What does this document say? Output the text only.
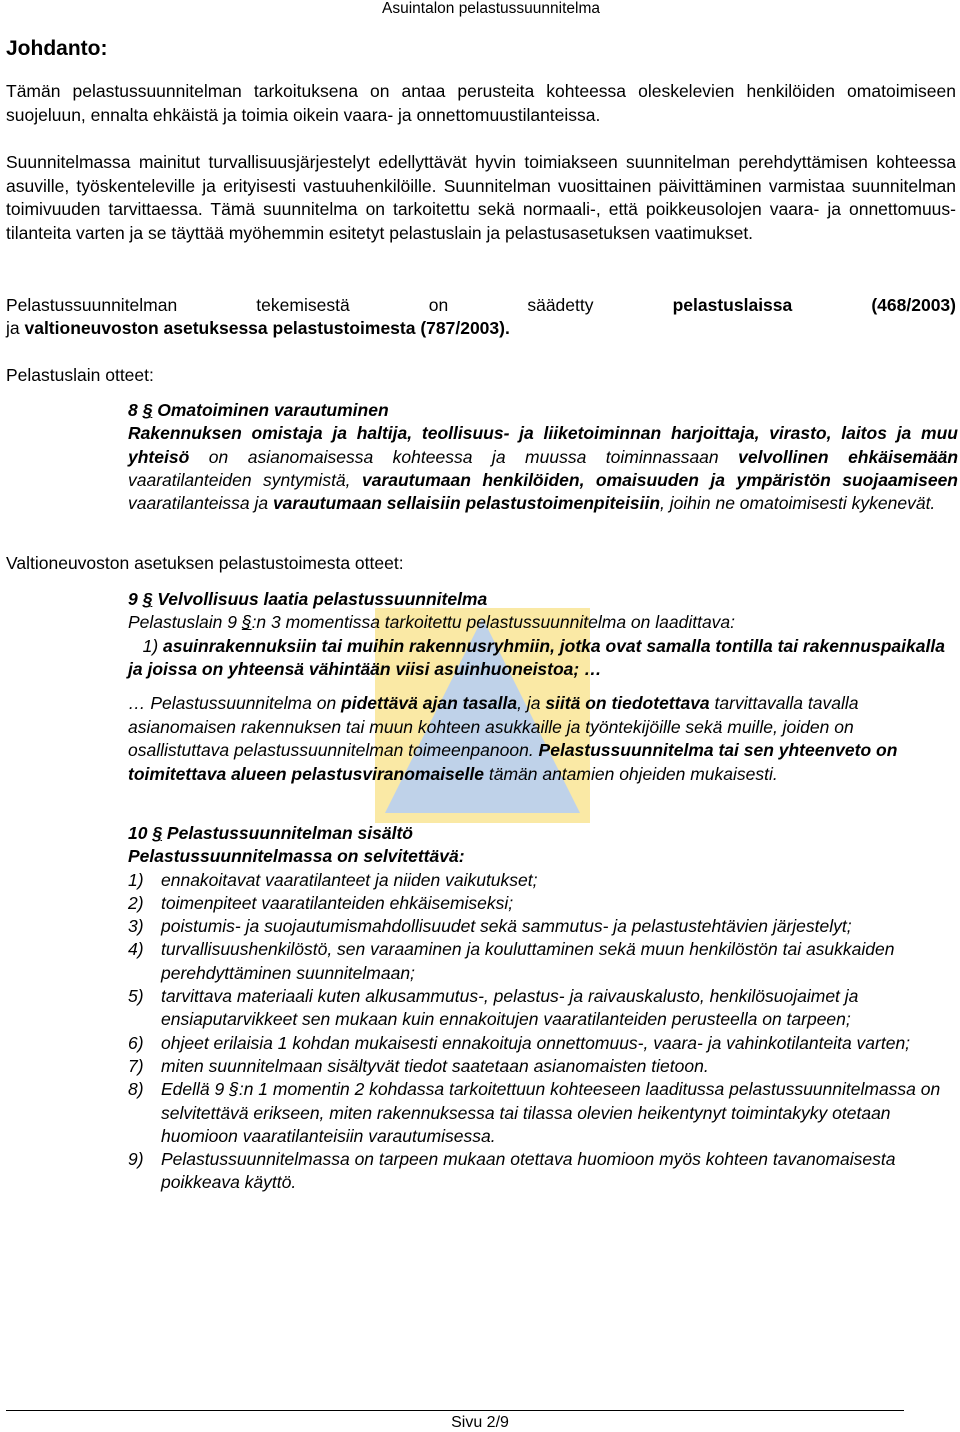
Asuintalon pelastussuunnitelma
Johdanto:
Tämän pelastussuunnitelman tarkoituksena on antaa perusteita kohteessa oleskelevien henkilöiden omatoimiseen suojeluun, ennalta ehkäistä ja toimia oikein vaara- ja onnettomuustilanteissa.
Suunnitelmassa mainitut turvallisuusjärjestelyt edellyttävät hyvin toimiakseen suunnitelman perehdyttämisen kohteessa asuville, työskenteleville ja erityisesti vastuuhenkilöille. Suunnitelman vuosittainen päivittäminen varmistaa suunnitelman toimivuuden tarvittaessa. Tämä suunnitelma on tarkoitettu sekä normaali-, että poikkeusolojen vaara- ja onnettomuus-tilanteita varten ja se täyttää myöhemmin esitetyt pelastuslain ja pelastusasetuksen vaatimukset.
Pelastussuunnitelman tekemisestä on säädetty pelastuslaissa (468/2003)
ja valtioneuvoston asetuksessa pelastustoimesta (787/2003).
Pelastuslain otteet:

8 § Omatoiminen varautuminen

Rakennuksen omistaja ja haltija, teollisuus- ja liiketoiminnan harjoittaja, virasto, laitos ja muu yhteisö on asianomaisessa kohteessa ja muussa toiminnassaan velvollinen ehkäisemään vaaratilanteiden syntymistä, varautumaan henkilöiden, omaisuuden ja ympäristön suojaamiseen vaaratilanteissa ja varautumaan sellaisiin pelastustoimenpiteisiin, joihin ne omatoimisesti kykenevät.

Valtioneuvoston asetuksen pelastustoimesta otteet:

9 § Velvollisuus laatia pelastussuunnitelma

Pelastuslain 9 §:n 3 momentissa tarkoitettu pelastussuunnitelma on laadittava:

1) asuinrakennuksiin tai muihin rakennusryhmiin, jotka ovat samalla tontilla tai rakennuspaikalla ja joissa on yhteensä vähintään viisi asuinhuoneistoa; …

… Pelastussuunnitelma on pidettävä ajan tasalla, ja siitä on tiedotettava tarvittavalla tavalla asianomaisen rakennuksen tai muun kohteen asukkaille ja työntekijöille sekä muille, joiden on osallistuttava pelastussuunnitelman toimeenpanoon. Pelastussuunnitelma tai sen yhteenveto on toimitettava alueen pelastusviranomaiselle tämän antamien ohjeiden mukaisesti.

10 § Pelastussuunnitelman sisältö

Pelastussuunnitelmassa on selvitettävä:

1) ennakoitavat vaaratilanteet ja niiden vaikutukset;
2) toimenpiteet vaaratilanteiden ehkäisemiseksi;
3) poistumis- ja suojautumismahdollisuudet sekä sammutus- ja pelastustehtävien järjestelyt;
4) turvallisuushenkilöstö, sen varaaminen ja kouluttaminen sekä muun henkilöstön tai asukkaiden perehdyttäminen suunnitelmaan;
5) tarvittava materiaali kuten alkusammutus-, pelastus- ja raivauskalusto, henkilösuojaimet ja ensiaputarvikkeet sen mukaan kuin ennakoitujen vaaratilanteiden perusteella on tarpeen;
6) ohjeet erilaisia 1 kohdan mukaisesti ennakoituja onnettomuus-, vaara- ja vahinkotilanteita varten;
7) miten suunnitelmaan sisältyvät tiedot saatetaan asianomaisten tietoon.
8) Edellä 9 §:n 1 momentin 2 kohdassa tarkoitettuun kohteeseen laaditussa pelastussuunnitelmassa on selvitettävä erikseen, miten rakennuksessa tai tilassa olevien heikentynyt toimintakyky otetaan huomioon vaaratilanteisiin varautumisessa.
9) Pelastussuunnitelmassa on tarpeen mukaan otettava huomioon myös kohteen tavanomaisesta poikkeava käyttö.
Sivu 2/9
